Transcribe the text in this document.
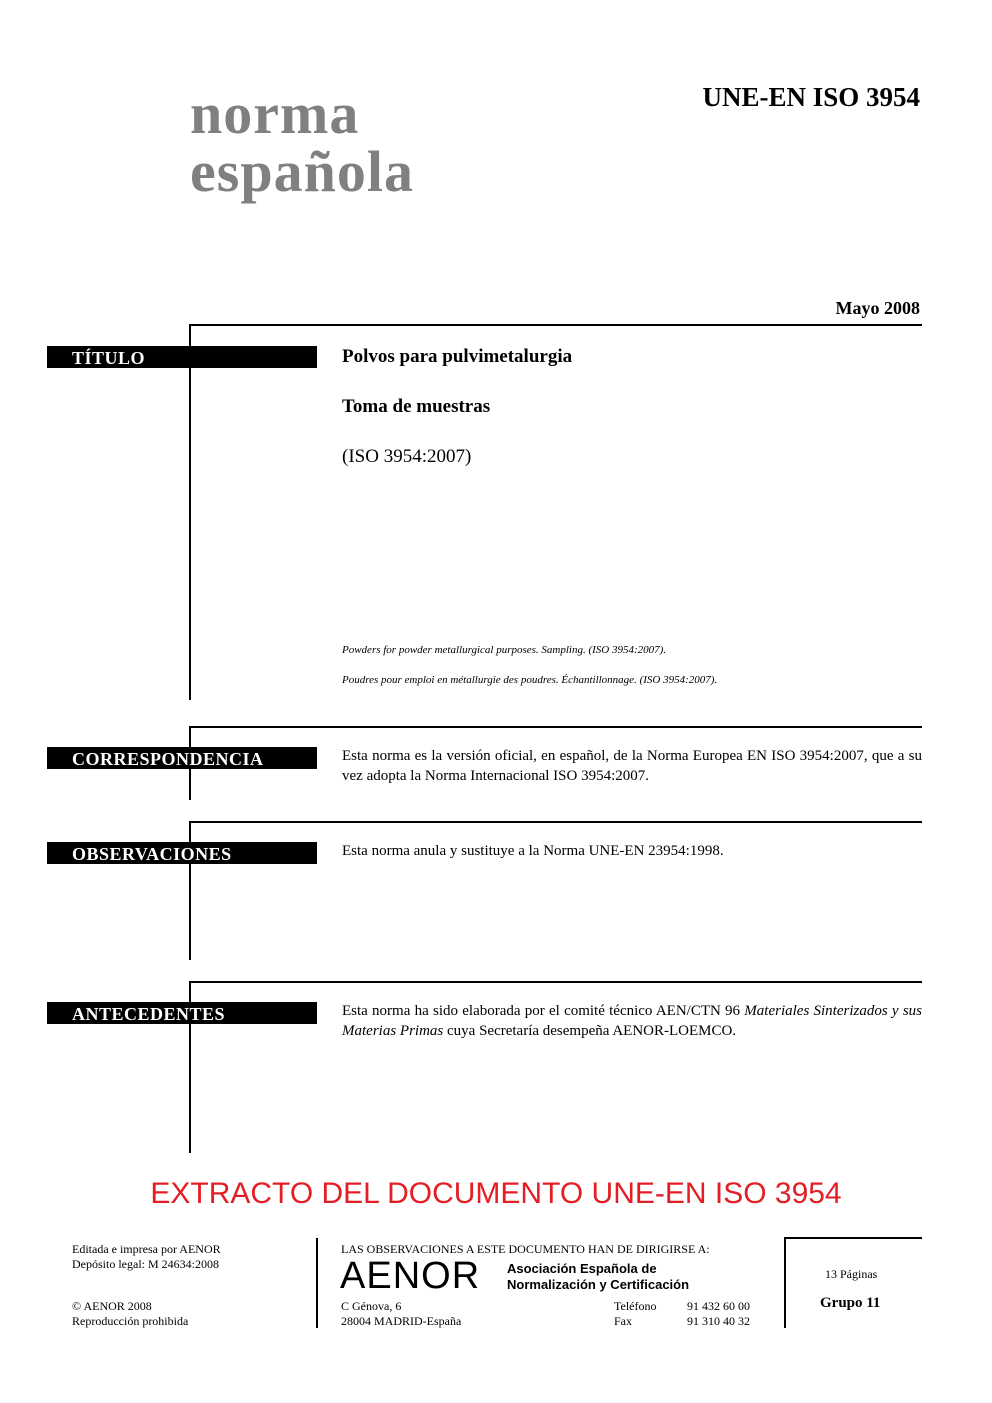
norma
española
UNE-EN ISO 3954
Mayo 2008
TÍTULO	Polvos para pulvimetalurgia
Toma de muestras
(ISO 3954:2007)
Powders for powder metallurgical purposes. Sampling. (ISO 3954:2007).
Poudres pour emploi en métallurgie des poudres. Échantillonnage. (ISO 3954:2007).
CORRESPONDENCIA	Esta norma es la versión oficial, en español, de la Norma Europea EN ISO 3954:2007, que a su vez adopta la Norma Internacional ISO 3954:2007.
OBSERVACIONES	Esta norma anula y sustituye a la Norma UNE-EN 23954:1998.
ANTECEDENTES	Esta norma ha sido elaborada por el comité técnico AEN/CTN 96 Materiales Sinterizados y sus Materias Primas cuya Secretaría desempeña AENOR-LOEMCO.
EXTRACTO DEL DOCUMENTO UNE-EN ISO 3954
Editada e impresa por AENOR
Depósito legal: M 24634:2008
© AENOR 2008
Reproducción prohibida
LAS OBSERVACIONES A ESTE DOCUMENTO HAN DE DIRIGIRSE A:
AENOR Asociación Española de
Normalización y Certificación
C Génova, 6
28004 MADRID-España
Teléfono	91 432 60 00
Fax	91 310 40 32
13 Páginas
Grupo 11
